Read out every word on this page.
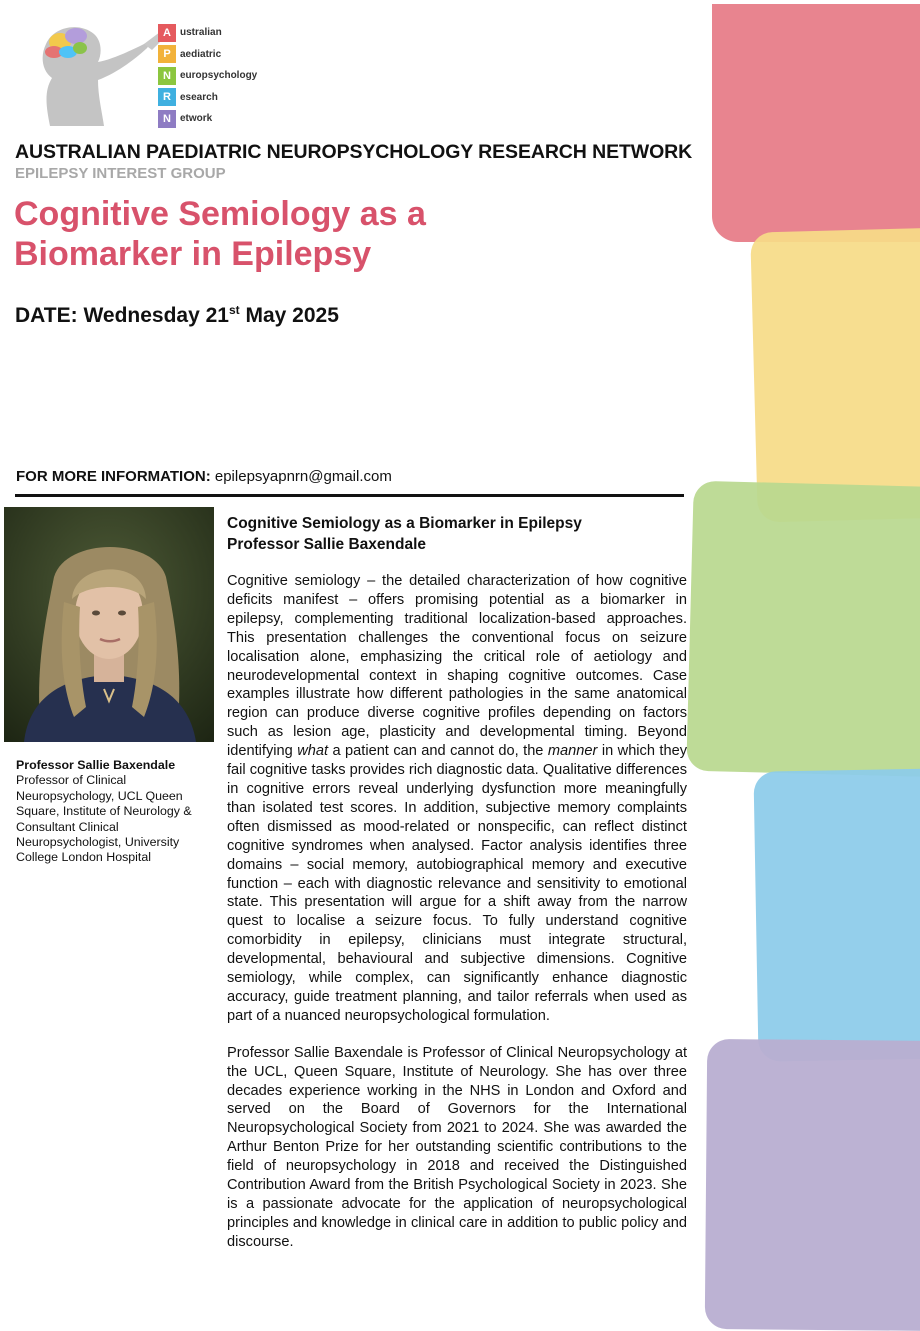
A ustralian
P aediatric
N europsychology
R esearch
N etwork
AUSTRALIAN PAEDIATRIC NEUROPSYCHOLOGY RESEARCH NETWORK
EPILEPSY INTEREST GROUP
Cognitive Semiology as a Biomarker in Epilepsy
DATE: Wednesday 21st May 2025
FOR MORE INFORMATION: epilepsyapnrn@gmail.com
Professor Sallie Baxendale
Professor of Clinical Neuropsychology, UCL Queen Square, Institute of Neurology & Consultant Clinical Neuropsychologist, University College London Hospital
Cognitive Semiology as a Biomarker in Epilepsy
Professor Sallie Baxendale

Cognitive semiology – the detailed characterization of how cognitive deficits manifest – offers promising potential as a biomarker in epilepsy, complementing traditional localization-based approaches. This presentation challenges the conventional focus on seizure localisation alone, emphasizing the critical role of aetiology and neurodevelopmental context in shaping cognitive outcomes. Case examples illustrate how different pathologies in the same anatomical region can produce diverse cognitive profiles depending on factors such as lesion age, plasticity and developmental timing. Beyond identifying what a patient can and cannot do, the manner in which they fail cognitive tasks provides rich diagnostic data. Qualitative differences in cognitive errors reveal underlying dysfunction more meaningfully than isolated test scores. In addition, subjective memory complaints often dismissed as mood-related or nonspecific, can reflect distinct cognitive syndromes when analysed. Factor analysis identifies three domains – social memory, autobiographical memory and executive function – each with diagnostic relevance and sensitivity to emotional state. This presentation will argue for a shift away from the narrow quest to localise a seizure focus. To fully understand cognitive comorbidity in epilepsy, clinicians must integrate structural, developmental, behavioural and subjective dimensions. Cognitive semiology, while complex, can significantly enhance diagnostic accuracy, guide treatment planning, and tailor referrals when used as part of a nuanced neuropsychological formulation.

Professor Sallie Baxendale is Professor of Clinical Neuropsychology at the UCL, Queen Square, Institute of Neurology. She has over three decades experience working in the NHS in London and Oxford and served on the Board of Governors for the International Neuropsychological Society from 2021 to 2024. She was awarded the Arthur Benton Prize for her outstanding scientific contributions to the field of neuropsychology in 2018 and received the Distinguished Contribution Award from the British Psychological Society in 2023. She is a passionate advocate for the application of neuropsychological principles and knowledge in clinical care in addition to public policy and discourse.
